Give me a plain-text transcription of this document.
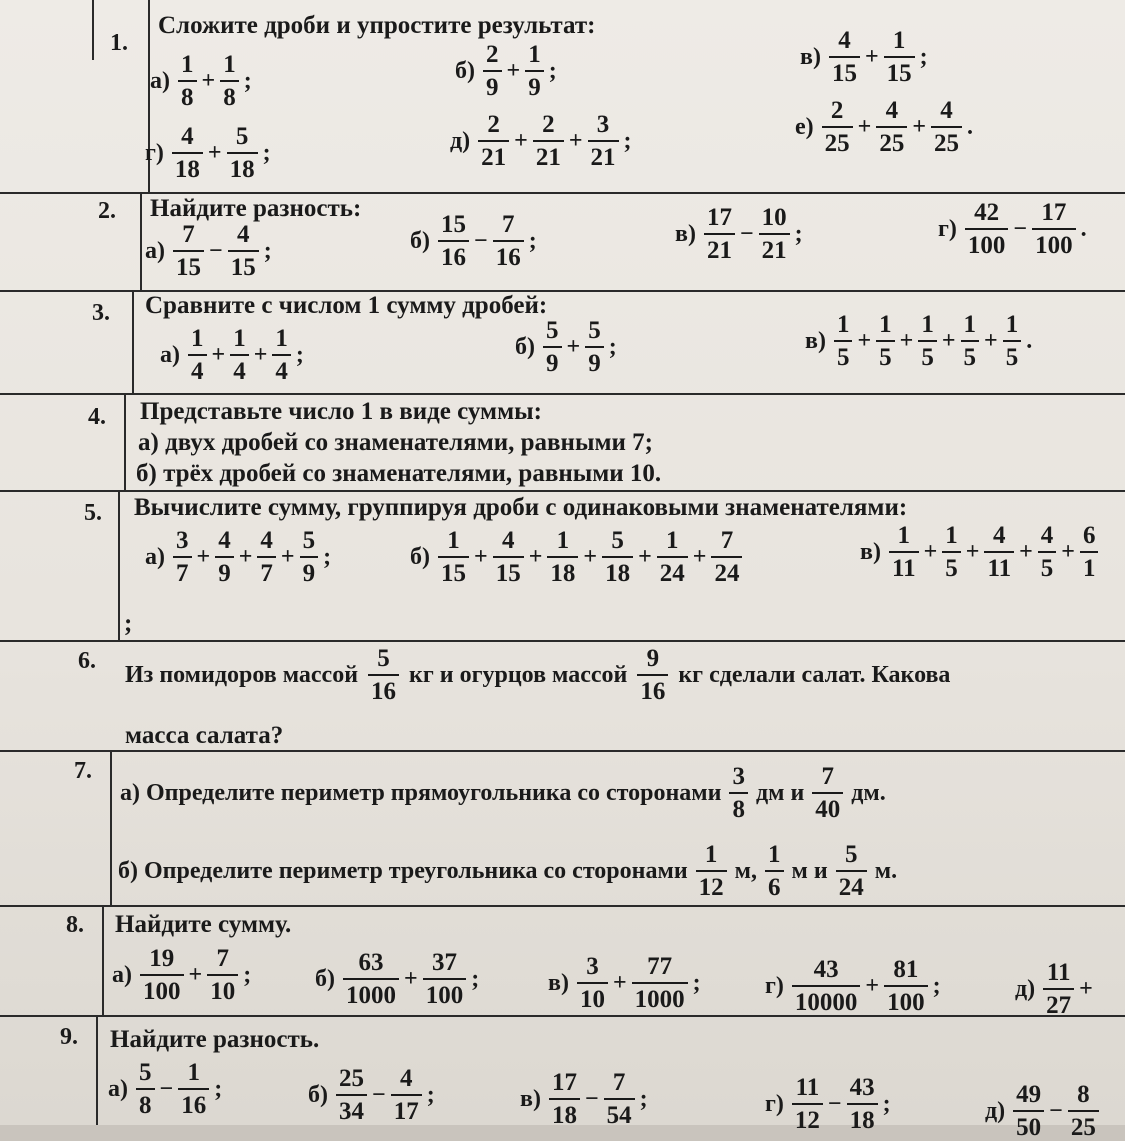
1.
Сложите дроби и упростите результат:
$а) \frac{1}{8} + \frac{1}{8}$ ;	$б) \frac{2}{9} + \frac{1}{9}$ ;
$в) \frac{4}{15} + \frac{1}{15}$ ;
$г) \frac{4}{18} + \frac{5}{18}$ ;	$д) \frac{2}{21} + \frac{2}{21} + \frac{3}{21}$ ;
$е) \frac{2}{25} + \frac{4}{25} + \frac{4}{25}$ .
2. Найдите разность:
$а) \frac{7}{15} - \frac{4}{15}$ ;	$б) \frac{15}{16} - \frac{7}{16}$ ;	$в) \frac{17}{21} - \frac{10}{21}$ ;	$г) \frac{42}{100} - \frac{17}{100}$ .
3. Сравните с числом 1 сумму дробей:
$а) \frac{1}{4} + \frac{1}{4} + \frac{1}{4}$ ;	$б) \frac{5}{9} + \frac{5}{9}$ ;	$в) \frac{1}{5} + \frac{1}{5} + \frac{1}{5} + \frac{1}{5} + \frac{1}{5}$ .
4. Представьте число 1 в виде суммы:
а) двух дробей со знаменателями, равными 7;
б) трёх дробей со знаменателями, равными 10.
5. Вычислите сумму, группируя дроби с одинаковыми знаменателями:
$а) \frac{3}{7} + \frac{4}{9} + \frac{4}{7} + \frac{5}{9}$ ;	$б) \frac{1}{15} + \frac{4}{15} + \frac{1}{18} + \frac{5}{18} + \frac{1}{24} + \frac{7}{24}$	$в) \frac{1}{11} + \frac{1}{5} + \frac{4}{11} + \frac{4}{5} + \frac{6}{1}$
;
6.
Из помидоров массой $\frac{5}{16}$ кг и огурцов массой $\frac{9}{16}$ кг сделали салат. Какова
масса салата?
7.
а) Определите периметр прямоугольника со сторонами $\frac{3}{8}$ дм и $\frac{7}{40}$ дм.
б) Определите периметр треугольника со сторонами $\frac{1}{12} м$, $\frac{1}{6}$ м и $\frac{5}{24} м$.
8. Найдите сумму.
$а) \frac{19}{100} + \frac{7}{10}$ ;	$б) \frac{63}{1000} + \frac{37}{100}$ ;	$в) \frac{3}{10} + \frac{77}{1000}$ ;	$г) \frac{43}{10000} + \frac{81}{100}$ ;	$д) \frac{11}{27}$ +
9. Найдите разность.
$а) \frac{5}{8} - \frac{1}{16}$ ;	$б) \frac{25}{34} - \frac{4}{17}$ ;	$в) \frac{17}{18} - \frac{7}{54}$ ;	$г) \frac{11}{12} - \frac{43}{18}$ ;	$д) \frac{49}{50} - \frac{8}{25}$
